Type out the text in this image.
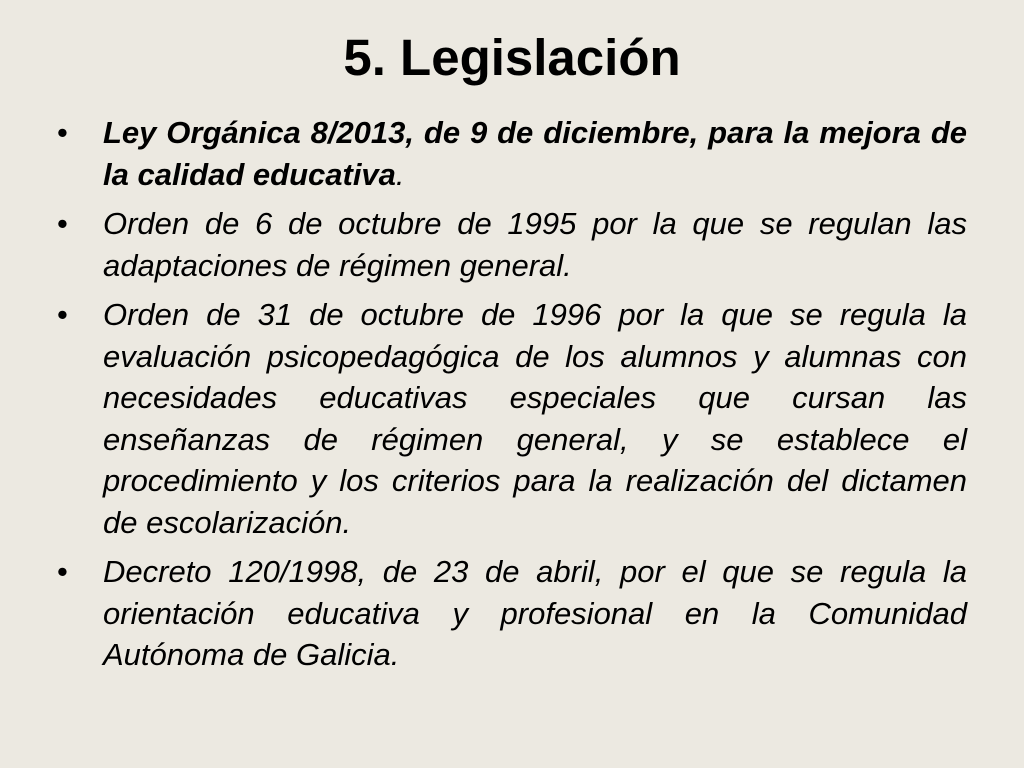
5. Legislación
• Ley Orgánica 8/2013, de 9 de diciembre, para la mejora de la calidad educativa.
• Orden de 6 de octubre de 1995 por la que se regulan las adaptaciones de régimen general.
• Orden de 31 de octubre de 1996 por la que se regula la evaluación psicopedagógica de los alumnos y alumnas con necesidades educativas especiales que cursan las enseñanzas de régimen general, y se establece el procedimiento y los criterios para la realización del dictamen de escolarización.
• Decreto 120/1998, de 23 de abril, por el que se regula la orientación educativa y profesional en la Comunidad Autónoma de Galicia.
